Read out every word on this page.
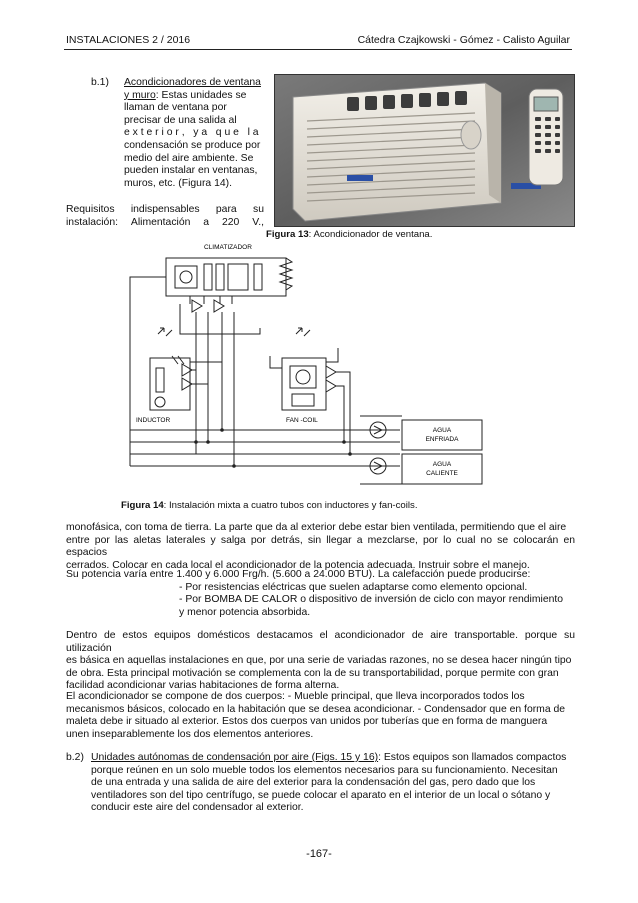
INSTALACIONES 2 / 2016	Cátedra Czajkowski - Gómez - Calisto Aguilar
b.1) Acondicionadores de ventana
y muro: Estas unidades se
llaman de ventana por
precisar de una salida al
e x t e r i o r ,   y a   q u e   l a
condensación se produce por
medio del aire ambiente. Se
pueden instalar en ventanas,
muros, etc. (Figura 14).
Requisitos indispensables para su
instalación: Alimentación a 220 V.,
Figura 13: Acondicionador de ventana.
CLIMATIZADOR
INDUCTOR	FAN -COIL
AGUA
ENFRIADA
AGUA
CALIENTE
Figura 14: Instalación mixta a cuatro tubos con inductores y fan-coils.
monofásica, con toma de tierra. La parte que da al exterior debe estar bien ventilada, permitiendo que el aire
entre por las aletas laterales y salga por detrás, sin llegar a mezclarse, por lo cual no se colocarán en espacios
cerrados. Colocar en cada local el acondicionador de la potencia adecuada. Instruir sobre el manejo.
Su potencia varía entre 1.400 y 6.000 Frg/h. (5.600 a 24.000 BTU). La calefacción puede producirse:
- Por resistencias eléctricas que suelen adaptarse como elemento opcional.
- Por BOMBA DE CALOR o dispositivo de inversión de ciclo con mayor rendimiento
y menor potencia absorbida.
Dentro de estos equipos domésticos destacamos el acondicionador de aire transportable. porque su utilización
es básica en aquellas instalaciones en que, por una serie de variadas razones, no se desea hacer ningún tipo
de obra. Esta principal motivación se complementa con la de su transportabilidad, porque permite con gran
facilidad acondicionar varias habitaciones de forma alterna.
El acondicionador se compone de dos cuerpos: - Mueble principal, que lleva incorporados todos los
mecanismos básicos, colocado en la habitación que se desea acondicionar. - Condensador que en forma de
maleta debe ir situado al exterior. Estos dos cuerpos van unidos por tuberías que en forma de manguera
unen inseparablemente los dos elementos anteriores.
b.2) Unidades autónomas de condensación por aire (Figs. 15 y 16): Estos equipos son llamados compactos
porque reúnen en un solo mueble todos los elementos necesarios para su funcionamiento. Necesitan
de una entrada y una salida de aire del exterior para la condensación del gas, pero dado que los
ventiladores son del tipo centrífugo, se puede colocar el aparato en el interior de un local o sótano y
conducir este aire del condensador al exterior.
-167-
